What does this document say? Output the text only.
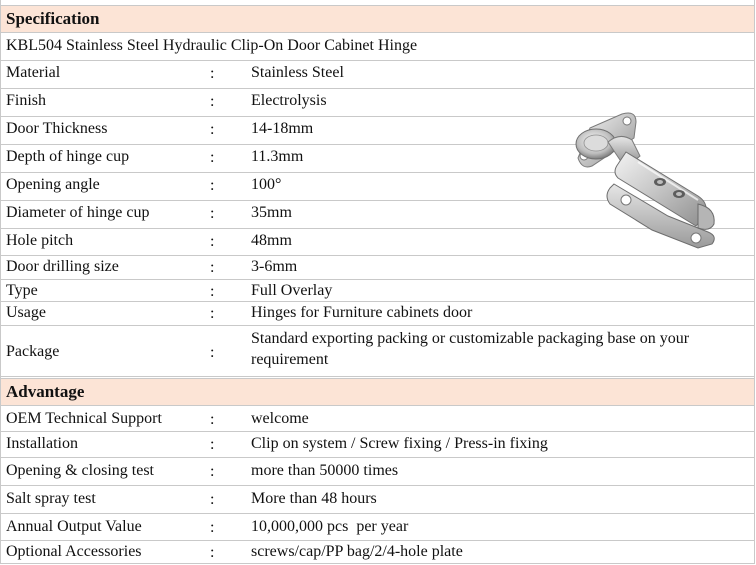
Specification
KBL504 Stainless Steel Hydraulic Clip-On Door Cabinet Hinge
Material	: Stainless Steel
Finish	: Electrolysis
Door Thickness	: 14-18mm
Depth of hinge cup	: 11.3mm
Opening angle	: 100°
Diameter of hinge cup	: 35mm
Hole pitch	: 48mm
Door drilling size	: 3-6mm
Type	: Full Overlay
Usage	: Hinges for Furniture cabinets door
Package	:
Standard exporting packing or customizable packaging base on your requirement
Advantage
OEM Technical Support	: welcome
Installation	: Clip on system / Screw fixing / Press-in fixing
Opening & closing test	: more than 50000 times
Salt spray test	: More than 48 hours
Annual Output Value	: 10,000,000 pcs  per year
Optional Accessories	: screws/cap/PP bag/2/4-hole plate
